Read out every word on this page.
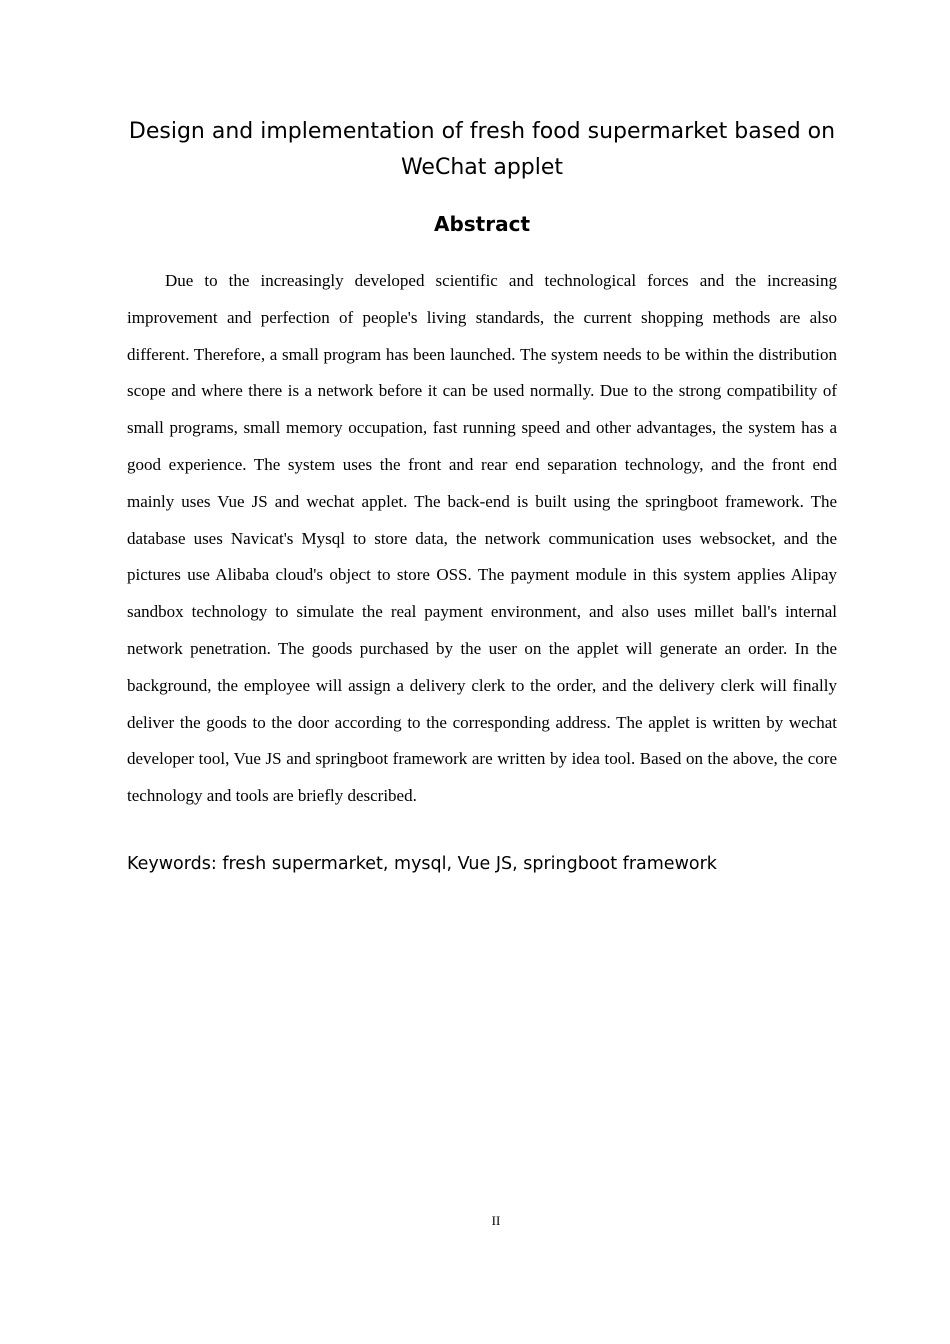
Design and implementation of fresh food supermarket based on WeChat applet
Abstract

Due to the increasingly developed scientific and technological forces and the increasing improvement and perfection of people's living standards, the current shopping methods are also different. Therefore, a small program has been launched. The system needs to be within the distribution scope and where there is a network before it can be used normally. Due to the strong compatibility of small programs, small memory occupation, fast running speed and other advantages, the system has a good experience. The system uses the front and rear end separation technology, and the front end mainly uses Vue JS and wechat applet. The back-end is built using the springboot framework. The database uses Navicat's Mysql to store data, the network communication uses websocket, and the pictures use Alibaba cloud's object to store OSS. The payment module in this system applies Alipay sandbox technology to simulate the real payment environment, and also uses millet ball's internal network penetration. The goods purchased by the user on the applet will generate an order. In the background, the employee will assign a delivery clerk to the order, and the delivery clerk will finally deliver the goods to the door according to the corresponding address. The applet is written by wechat developer tool, Vue JS and springboot framework are written by idea tool. Based on the above, the core technology and tools are briefly described.

Keywords: fresh supermarket, mysql, Vue JS, springboot framework

II
